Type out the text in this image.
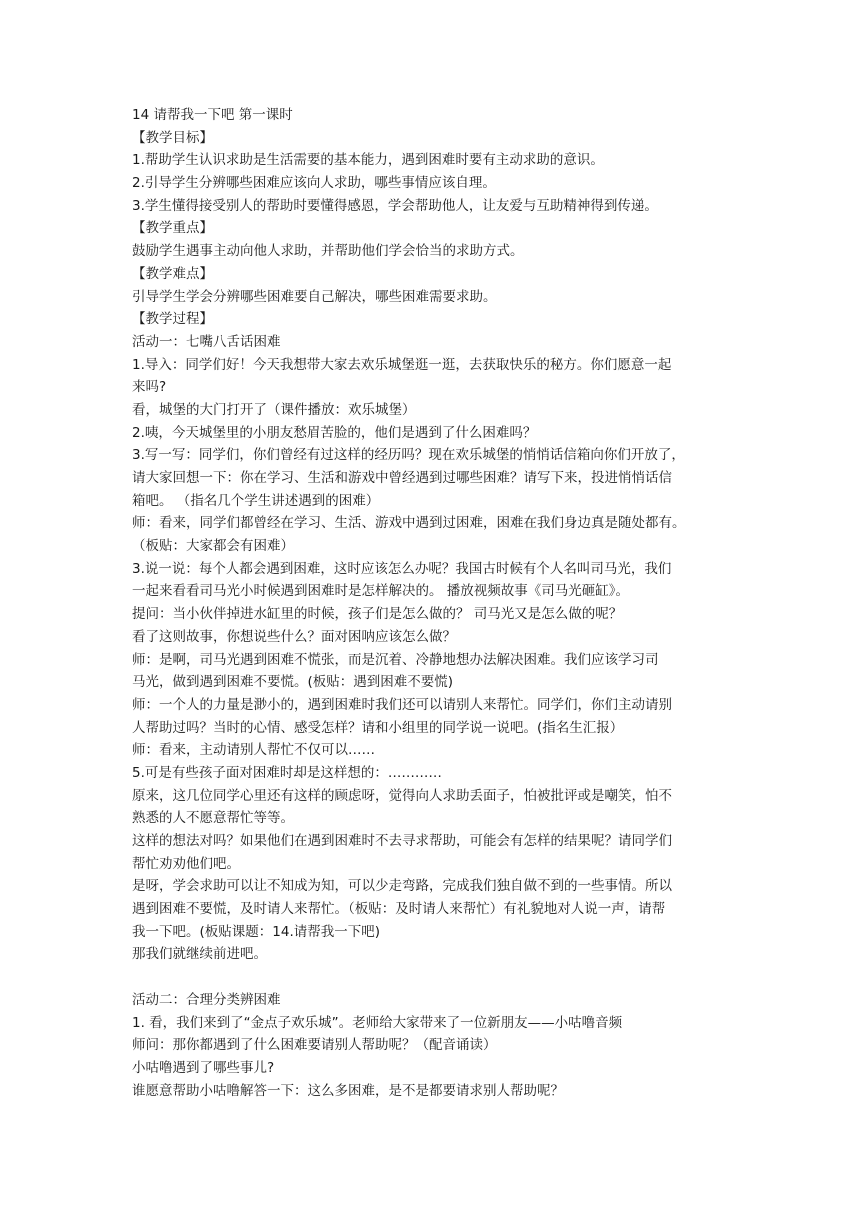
14 请帮我一下吧 第一课时
【教学目标】
1.帮助学生认识求助是生活需要的基本能力，遇到困难时要有主动求助的意识。
2.引导学生分辨哪些困难应该向人求助，哪些事情应该自理。
3.学生懂得接受别人的帮助时要懂得感恩，学会帮助他人，让友爱与互助精神得到传递。
【教学重点】
鼓励学生遇事主动向他人求助，并帮助他们学会恰当的求助方式。
【教学难点】
引导学生学会分辨哪些困难要自己解决，哪些困难需要求助。
【教学过程】
活动一：七嘴八舌话困难
1.导入：同学们好！今天我想带大家去欢乐城堡逛一逛，去获取快乐的秘方。你们愿意一起
来吗?
看，城堡的大门打开了（课件播放：欢乐城堡）
2.咦，今天城堡里的小朋友愁眉苦脸的，他们是遇到了什么困难吗？
3.写一写：同学们，你们曾经有过这样的经历吗？现在欢乐城堡的悄悄话信箱向你们开放了，
请大家回想一下：你在学习、生活和游戏中曾经遇到过哪些困难？请写下来，投进悄悄话信
箱吧。 （指名几个学生讲述遇到的困难）
师：看来，同学们都曾经在学习、生活、游戏中遇到过困难，困难在我们身边真是随处都有。
（板贴：大家都会有困难）
3.说一说：每个人都会遇到困难，这时应该怎么办呢？我国古时候有个人名叫司马光，我们
一起来看看司马光小时候遇到困难时是怎样解决的。 播放视频故事《司马光砸缸》。
提问：当小伙伴掉进水缸里的时候，孩子们是怎么做的？ 司马光又是怎么做的呢？
看了这则故事，你想说些什么？面对困呐应该怎么做？
师：是啊，司马光遇到困难不慌张，而是沉着、冷静地想办法解决困难。我们应该学习司
马光，做到遇到困难不要慌。(板贴：遇到困难不要慌)
师：一个人的力量是渺小的，遇到困难时我们还可以请别人来帮忙。同学们，你们主动请别
人帮助过吗？当时的心情、感受怎样？请和小组里的同学说一说吧。(指名生汇报）
师：看来，主动请别人帮忙不仅可以……
5.可是有些孩子面对困难时却是这样想的：…………
原来，这几位同学心里还有这样的顾虑呀，觉得向人求助丢面子，怕被批评或是嘲笑，怕不
熟悉的人不愿意帮忙等等。
这样的想法对吗？如果他们在遇到困难时不去寻求帮助，可能会有怎样的结果呢？请同学们
帮忙劝劝他们吧。
是呀，学会求助可以让不知成为知，可以少走弯路，完成我们独自做不到的一些事情。所以
遇到困难不要慌，及时请人来帮忙。（板贴：及时请人来帮忙）有礼貌地对人说一声，请帮
我一下吧。(板贴课题：14.请帮我一下吧)
那我们就继续前进吧。
活动二：合理分类辨困难
1. 看，我们来到了“金点子欢乐城”。老师给大家带来了一位新朋友——小咕噜音频
师问：那你都遇到了什么困难要请别人帮助呢？（配音诵读）
小咕噜遇到了哪些事儿?
谁愿意帮助小咕噜解答一下：这么多困难，是不是都要请求别人帮助呢？
